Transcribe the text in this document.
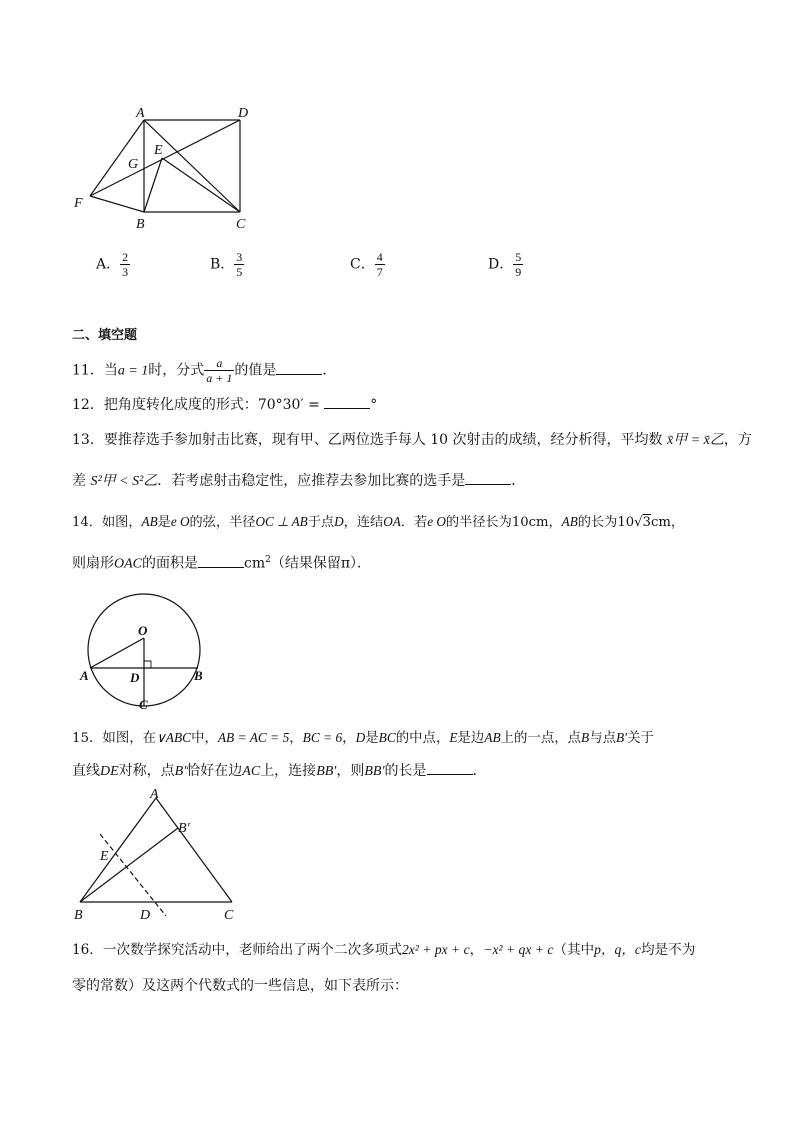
A	D
G
E
F
B	C
A． $\frac{2}{3}$	B． $\frac{3}{5}$	C． $\frac{4}{7}$	D． $\frac{5}{9}$
二、填空题
11．当a = 1时，分式 $\frac{a}{a + 1}$ 的值是	．
12．把角度转化成度的形式：70°30′ =	°
13．要推荐选手参加射击比赛，现有甲、乙两位选手每人 10 次射击的成绩，经分析得，平均数 x̄甲 = x̄乙，方
差 S²甲 < S²乙．若考虑射击稳定性，应推荐去参加比赛的选手是	．
14．如图，AB是e O的弦，半径OC ⊥ AB于点D，连结OA．若e O的半径长为10cm，AB的长为10√3cm，
则扇形OAC的面积是	$cm^2$（结果保留π）．
O
A	D	B
C
15．如图，在∨ABC中，AB = AC = 5，BC = 6，D是BC的中点，E是边AB上的一点，点B与点B′关于
直线DE对称，点B′恰好在边AC上，连接BB′，则BB′的长是	．
A
B′
E
B	D	C
16．一次数学探究活动中，老师给出了两个二次多项式2x² + px + c，−x² + qx + c（其中p，q，c均是不为
零的常数）及这两个代数式的一些信息，如下表所示：
